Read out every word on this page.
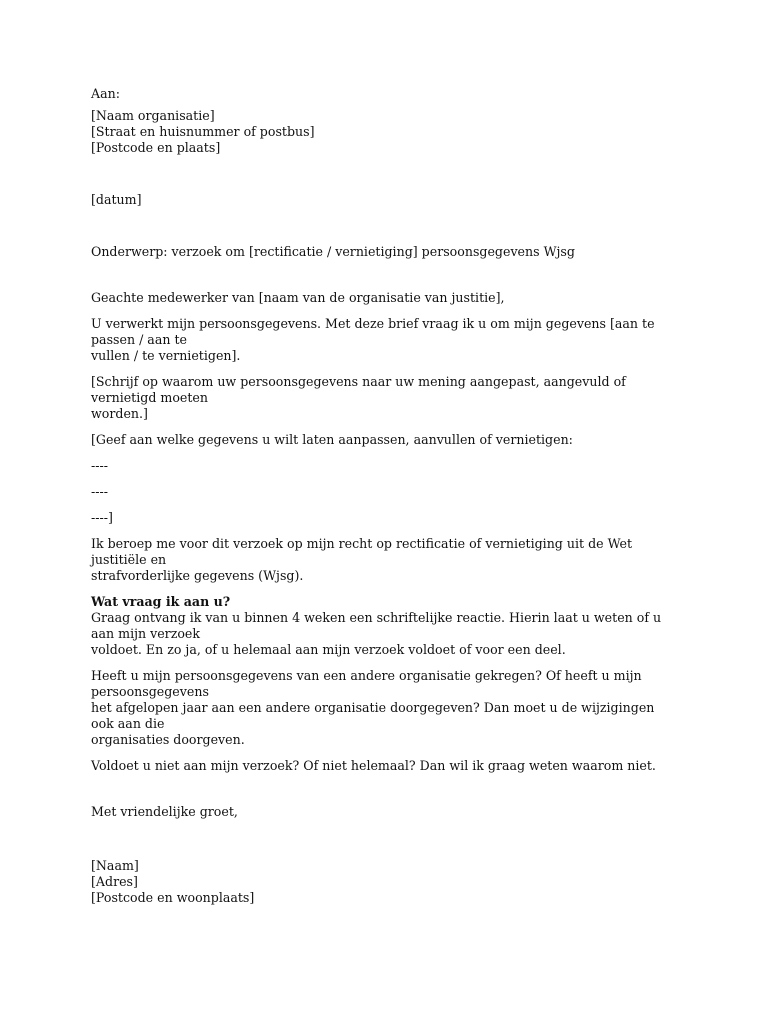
Aan:
[Naam organisatie]
[Straat en huisnummer of postbus]
[Postcode en plaats]
[datum]
Onderwerp: verzoek om [rectificatie / vernietiging] persoonsgegevens Wjsg
Geachte medewerker van [naam van de organisatie van justitie],
U verwerkt mijn persoonsgegevens. Met deze brief vraag ik u om mijn gegevens [aan te passen / aan te
vullen / te vernietigen].
[Schrijf op waarom uw persoonsgegevens naar uw mening aangepast, aangevuld of vernietigd moeten
worden.]
[Geef aan welke gegevens u wilt laten aanpassen, aanvullen of vernietigen:
----
----
----]
Ik beroep me voor dit verzoek op mijn recht op rectificatie of vernietiging uit de Wet justitiële en
strafvorderlijke gegevens (Wjsg).
Wat vraag ik aan u?
Graag ontvang ik van u binnen 4 weken een schriftelijke reactie. Hierin laat u weten of u aan mijn verzoek
voldoet. En zo ja, of u helemaal aan mijn verzoek voldoet of voor een deel.
Heeft u mijn persoonsgegevens van een andere organisatie gekregen? Of heeft u mijn persoonsgegevens
het afgelopen jaar aan een andere organisatie doorgegeven? Dan moet u de wijzigingen ook aan die
organisaties doorgeven.
Voldoet u niet aan mijn verzoek? Of niet helemaal? Dan wil ik graag weten waarom niet.
Met vriendelijke groet,
[Naam]
[Adres]
[Postcode en woonplaats]
